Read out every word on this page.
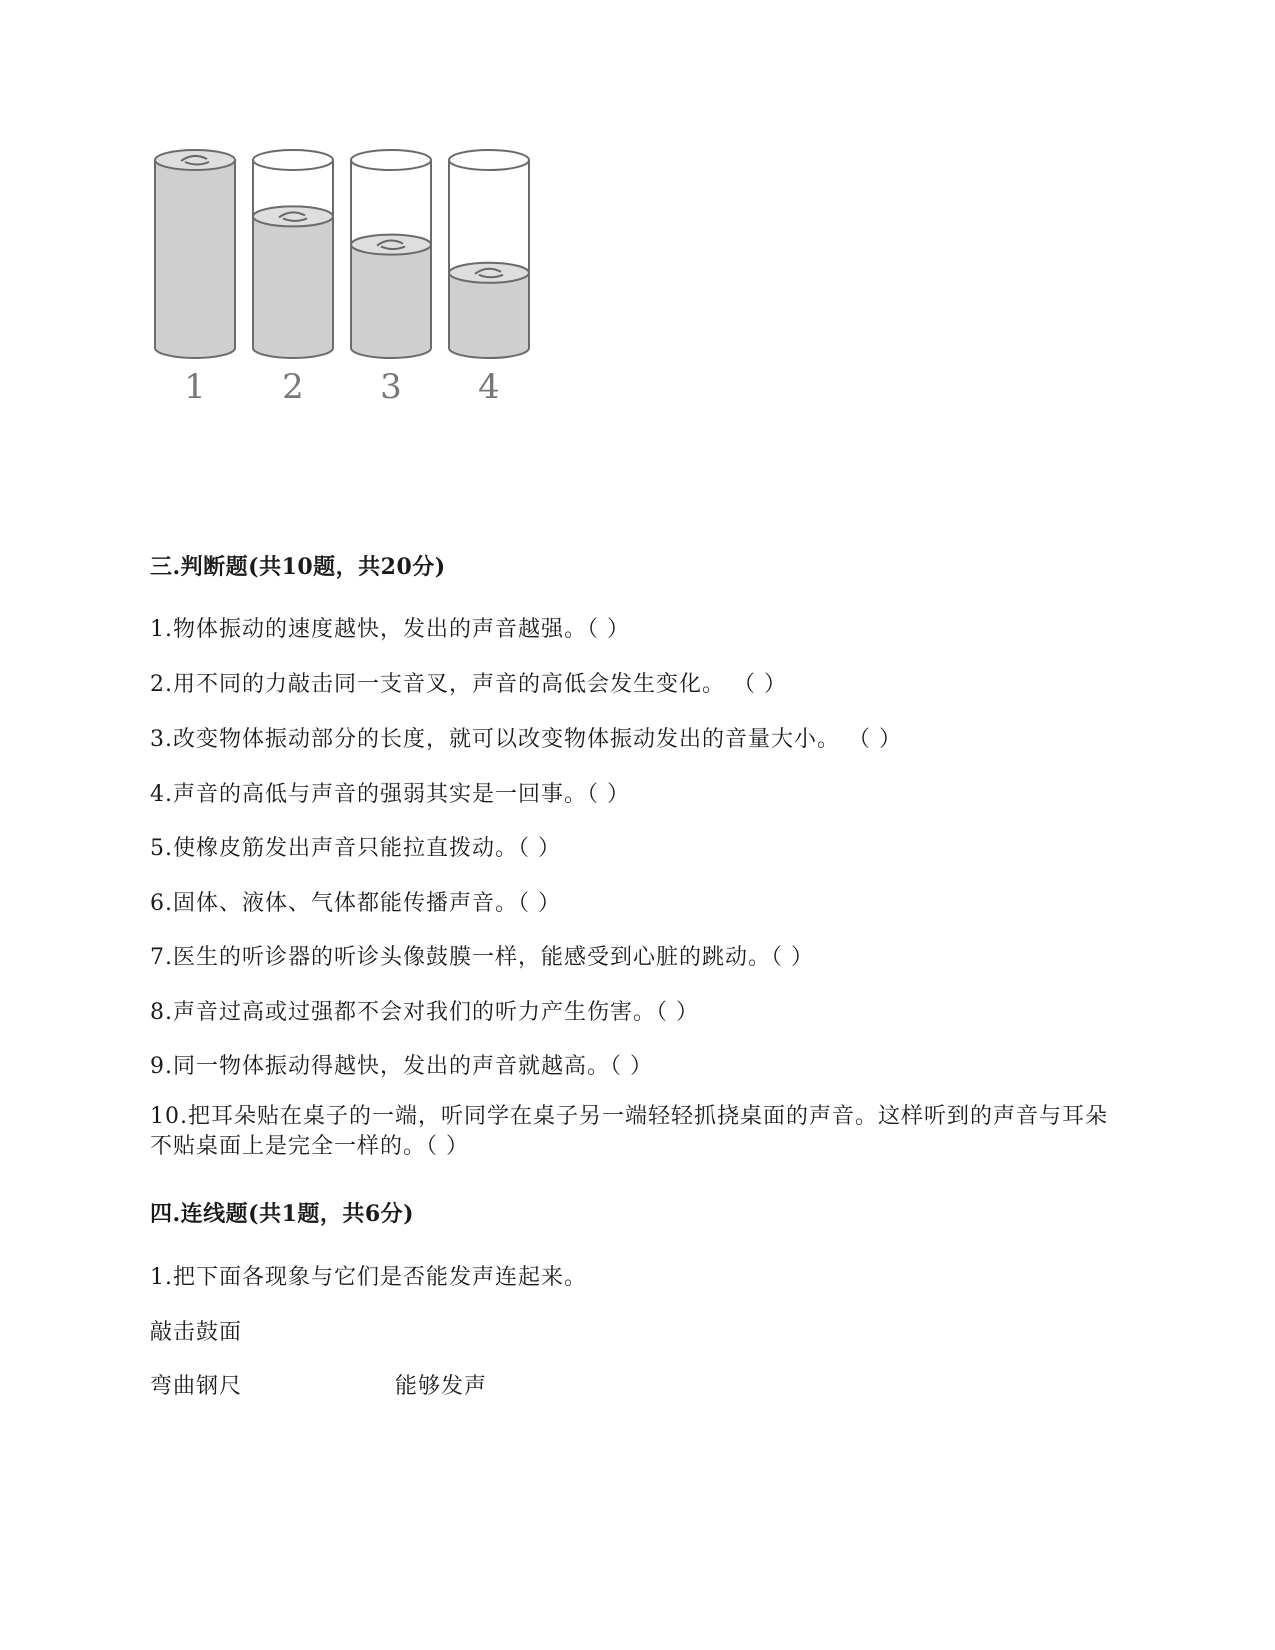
1 2 3 4
三.判断题(共10题，共20分)
1.物体振动的速度越快，发出的声音越强。（ ）
2.用不同的力敲击同一支音叉，声音的高低会发生变化。 （ ）
3.改变物体振动部分的长度，就可以改变物体振动发出的音量大小。 （ ）
4.声音的高低与声音的强弱其实是一回事。（ ）
5.使橡皮筋发出声音只能拉直拨动。（ ）
6.固体、液体、气体都能传播声音。（ ）
7.医生的听诊器的听诊头像鼓膜一样，能感受到心脏的跳动。（ ）
8.声音过高或过强都不会对我们的听力产生伤害。（ ）
9.同一物体振动得越快，发出的声音就越高。（ ）
10.把耳朵贴在桌子的一端，听同学在桌子另一端轻轻抓挠桌面的声音。这样听到的声音与耳朵不贴桌面上是完全一样的。（ ）
四.连线题(共1题，共6分)
1.把下面各现象与它们是否能发声连起来。
敲击鼓面
弯曲钢尺	能够发声
